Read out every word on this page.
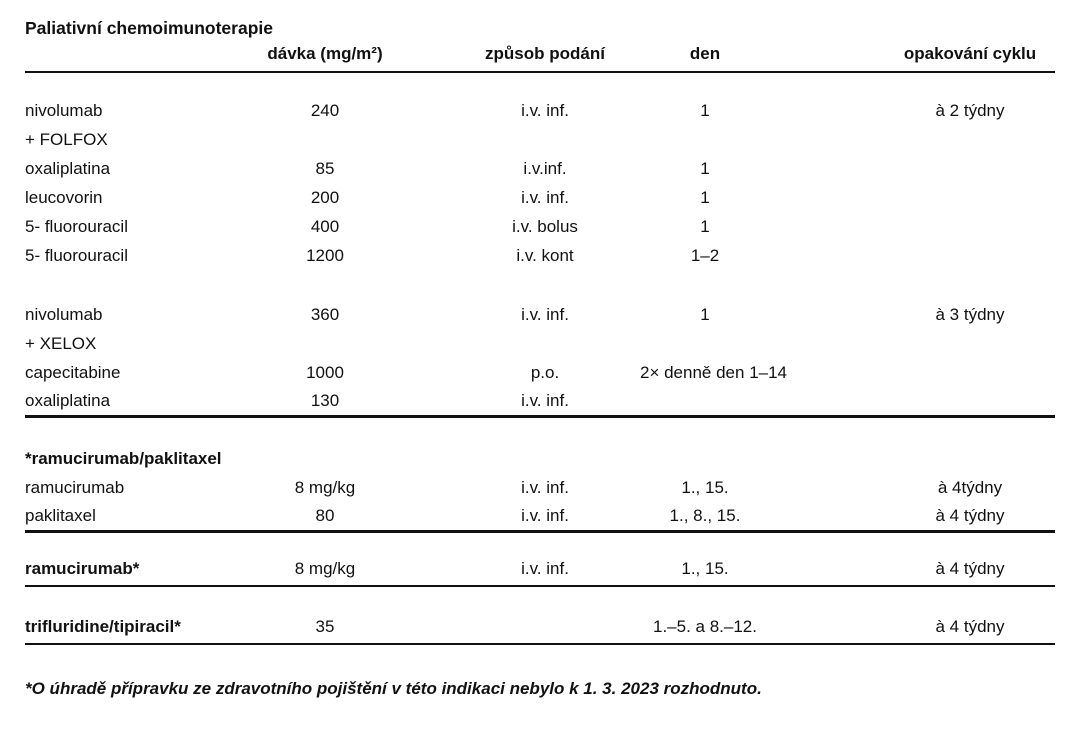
Paliativní chemoimunoterapie
	dávka (mg/m²)	způsob podání	den	opakování cyklu

nivolumab	240	i.v. inf.	1	à 2 týdny
+ FOLFOX				
oxaliplatina	85	i.v.inf.	1	
leucovorin	200	i.v. inf.	1	
5- fluorouracil	400	i.v. bolus	1	
5- fluorouracil	1200	i.v. kont	1–2	

nivolumab	360	i.v. inf.	1	à 3 týdny
+ XELOX				
capecitabine	1000	p.o.	2× denně den 1–14	
oxaliplatina	130	i.v. inf.		

*ramucirumab/paklitaxel				
ramucirumab	8 mg/kg	i.v. inf.	1., 15.	à 4týdny
paklitaxel	80	i.v. inf.	1., 8., 15.	à 4 týdny

ramucirumab*	8 mg/kg	i.v. inf.	1., 15.	à 4 týdny

trifluridine/tipiracil*	35		1.–5. a 8.–12.	à 4 týdny

*O úhradě přípravku ze zdravotního pojištění v této indikaci nebylo k 1. 3. 2023 rozhodnuto.
